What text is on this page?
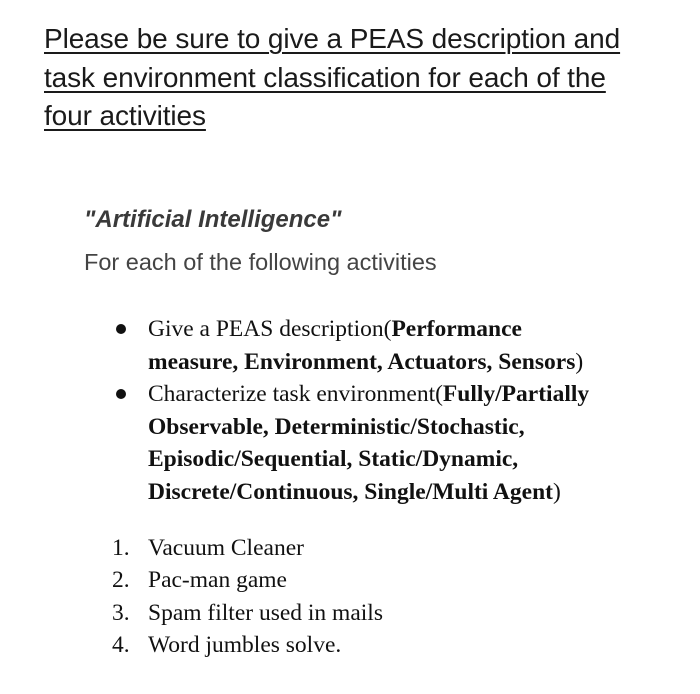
Please be sure to give a PEAS description and
task environment classification for each of the
four activities
"Artificial Intelligence"
For each of the following activities
Give a PEAS description(Performance
measure, Environment, Actuators, Sensors)
Characterize task environment(Fully/Partially
Observable, Deterministic/Stochastic,
Episodic/Sequential, Static/Dynamic,
Discrete/Continuous, Single/Multi Agent)
1. Vacuum Cleaner
2. Pac-man game
3. Spam filter used in mails
4. Word jumbles solve.
